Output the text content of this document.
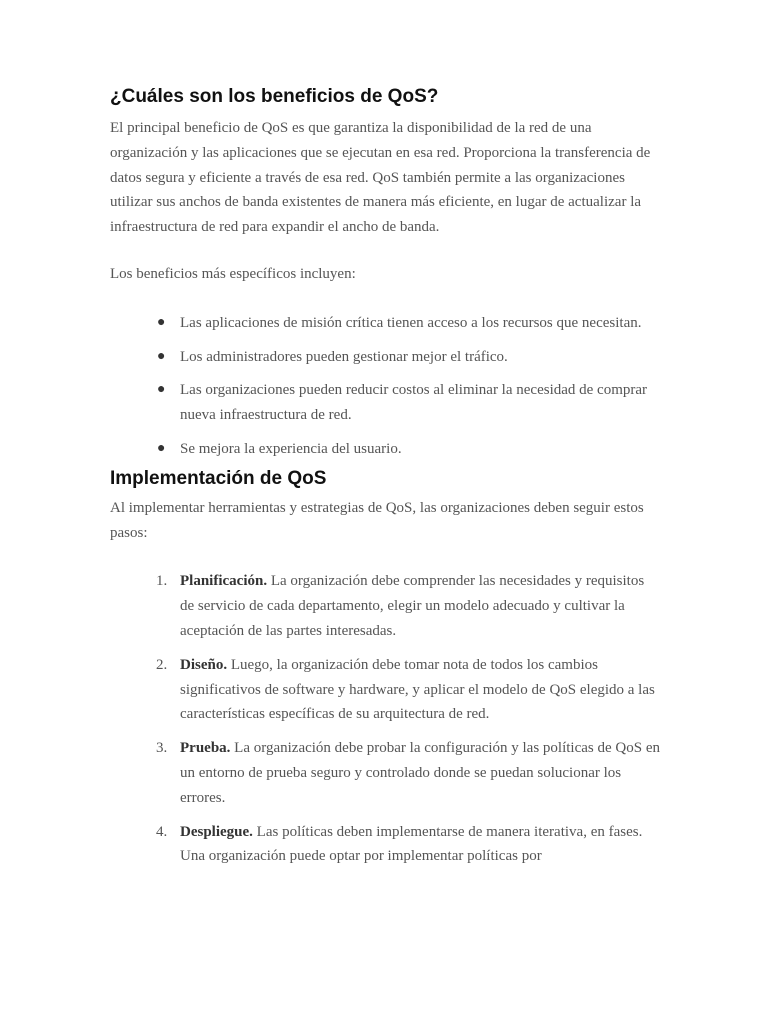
¿Cuáles son los beneficios de QoS?

El principal beneficio de QoS es que garantiza la disponibilidad de la red de una organización y las aplicaciones que se ejecutan en esa red. Proporciona la transferencia de datos segura y eficiente a través de esa red. QoS también permite a las organizaciones utilizar sus anchos de banda existentes de manera más eficiente, en lugar de actualizar la infraestructura de red para expandir el ancho de banda.

Los beneficios más específicos incluyen:

● Las aplicaciones de misión crítica tienen acceso a los recursos que necesitan.
● Los administradores pueden gestionar mejor el tráfico.
● Las organizaciones pueden reducir costos al eliminar la necesidad de comprar nueva infraestructura de red.
● Se mejora la experiencia del usuario.
Implementación de QoS

Al implementar herramientas y estrategias de QoS, las organizaciones deben seguir estos pasos:

1. Planificación. La organización debe comprender las necesidades y requisitos de servicio de cada departamento, elegir un modelo adecuado y cultivar la aceptación de las partes interesadas.
2. Diseño. Luego, la organización debe tomar nota de todos los cambios significativos de software y hardware, y aplicar el modelo de QoS elegido a las características específicas de su arquitectura de red.
3. Prueba. La organización debe probar la configuración y las políticas de QoS en un entorno de prueba seguro y controlado donde se puedan solucionar los errores.
4. Despliegue. Las políticas deben implementarse de manera iterativa, en fases. Una organización puede optar por implementar políticas por
